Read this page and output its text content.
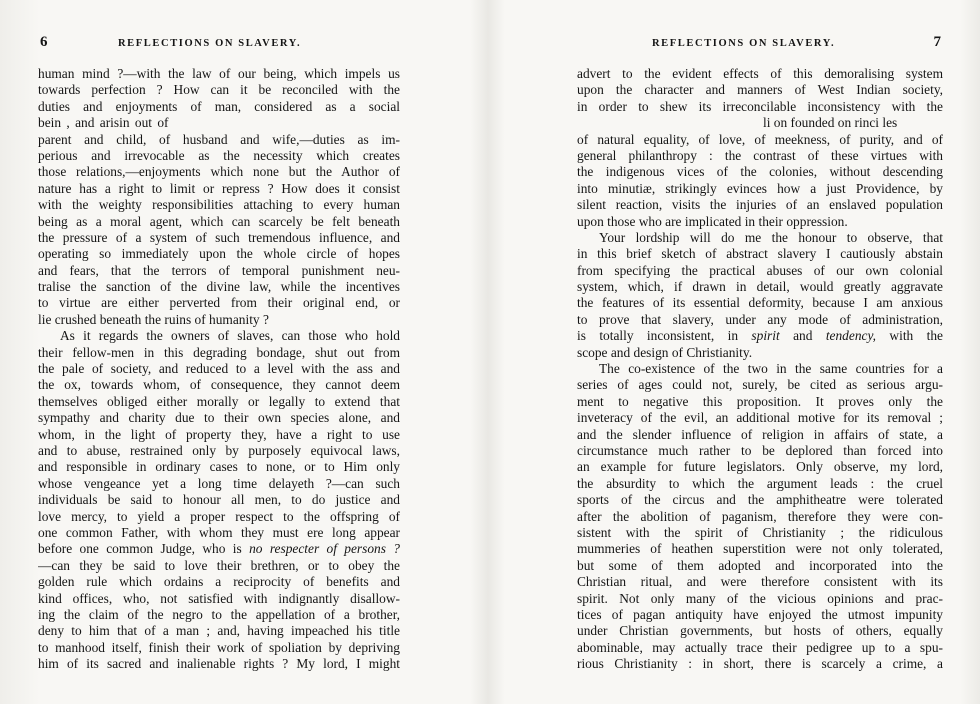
6	REFLECTIONS ON SLAVERY.
human mind ?—with the law of our being, which impels us
towards perfection ? How can it be reconciled with the
duties and enjoyments of man, considered as a social
bein , and arisin out of
parent and child, of husband and wife,—duties as im-
perious and irrevocable as the necessity which creates
those relations,—enjoyments which none but the Author of
nature has a right to limit or repress ? How does it consist
with the weighty responsibilities attaching to every human
being as a moral agent, which can scarcely be felt beneath
the pressure of a system of such tremendous influence, and
operating so immediately upon the whole circle of hopes
and fears, that the terrors of temporal punishment neu-
tralise the sanction of the divine law, while the incentives
to virtue are either perverted from their original end, or
lie crushed beneath the ruins of humanity ?
As it regards the owners of slaves, can those who hold
their fellow-men in this degrading bondage, shut out from
the pale of society, and reduced to a level with the ass and
the ox, towards whom, of consequence, they cannot deem
themselves obliged either morally or legally to extend that
sympathy and charity due to their own species alone, and
whom, in the light of property they, have a right to use
and to abuse, restrained only by purposely equivocal laws,
and responsible in ordinary cases to none, or to Him only
whose vengeance yet a long time delayeth ?—can such
individuals be said to honour all men, to do justice and
love mercy, to yield a proper respect to the offspring of
one common Father, with whom they must ere long appear
before one common Judge, who is no respecter of persons ?
—can they be said to love their brethren, or to obey the
golden rule which ordains a reciprocity of benefits and
kind offices, who, not satisfied with indignantly disallow-
ing the claim of the negro to the appellation of a brother,
deny to him that of a man ; and, having impeached his title
to manhood itself, finish their work of spoliation by depriving
him of its sacred and inalienable rights ? My lord, I might
REFLECTIONS ON SLAVERY.	7
advert to the evident effects of this demoralising system
upon the character and manners of West Indian society,
in order to shew its irreconcilable inconsistency with the
li on founded on rinci les
of natural equality, of love, of meekness, of purity, and of
general philanthropy : the contrast of these virtues with
the indigenous vices of the colonies, without descending
into minutiæ, strikingly evinces how a just Providence, by
silent reaction, visits the injuries of an enslaved population
upon those who are implicated in their oppression.
Your lordship will do me the honour to observe, that
in this brief sketch of abstract slavery I cautiously abstain
from specifying the practical abuses of our own colonial
system, which, if drawn in detail, would greatly aggravate
the features of its essential deformity, because I am anxious
to prove that slavery, under any mode of administration,
is totally inconsistent, in spirit and tendency, with the
scope and design of Christianity.
The co-existence of the two in the same countries for a
series of ages could not, surely, be cited as serious argu-
ment to negative this proposition. It proves only the
inveteracy of the evil, an additional motive for its removal ;
and the slender influence of religion in affairs of state, a
circumstance much rather to be deplored than forced into
an example for future legislators. Only observe, my lord,
the absurdity to which the argument leads : the cruel
sports of the circus and the amphitheatre were tolerated
after the abolition of paganism, therefore they were con-
sistent with the spirit of Christianity ; the ridiculous
mummeries of heathen superstition were not only tolerated,
but some of them adopted and incorporated into the
Christian ritual, and were therefore consistent with its
spirit. Not only many of the vicious opinions and prac-
tices of pagan antiquity have enjoyed the utmost impunity
under Christian governments, but hosts of others, equally
abominable, may actually trace their pedigree up to a spu-
rious Christianity : in short, there is scarcely a crime, a
